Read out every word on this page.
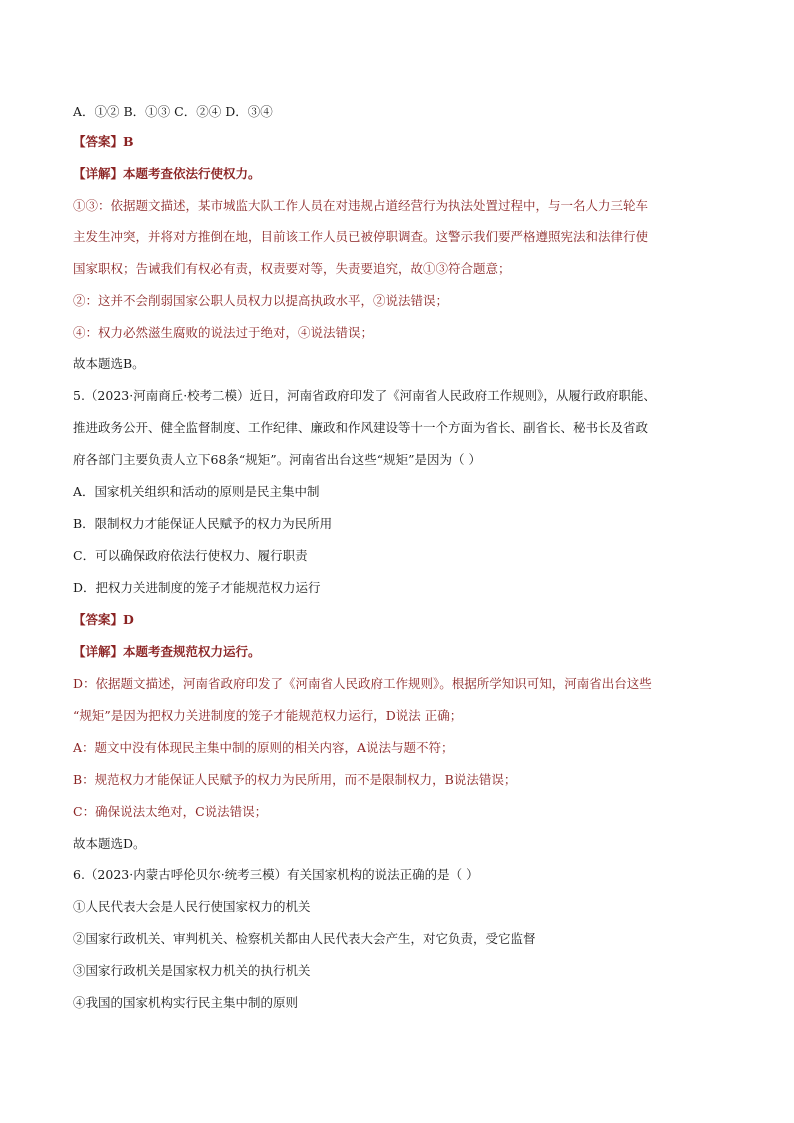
A．①② B．①③ C．②④ D．③④
【答案】B
【详解】本题考查依法行使权力。
①③：依据题文描述，某市城监大队工作人员在对违规占道经营行为执法处置过程中，与一名人力三轮车
主发生冲突，并将对方推倒在地，目前该工作人员已被停职调查。这警示我们要严格遵照宪法和法律行使
国家职权；告诫我们有权必有责，权责要对等，失责要追究，故①③符合题意；
②：这并不会削弱国家公职人员权力以提高执政水平，②说法错误；
④：权力必然滋生腐败的说法过于绝对，④说法错误；
故本题选B。
5.（2023·河南商丘·校考二模）近日，河南省政府印发了《河南省人民政府工作规则》，从履行政府职能、
推进政务公开、健全监督制度、工作纪律、廉政和作风建设等十一个方面为省长、副省长、秘书长及省政
府各部门主要负责人立下68条“规矩”。河南省出台这些“规矩”是因为（ ）
A．国家机关组织和活动的原则是民主集中制
B．限制权力才能保证人民赋予的权力为民所用
C．可以确保政府依法行使权力、履行职责
D．把权力关进制度的笼子才能规范权力运行
【答案】D
【详解】本题考查规范权力运行。
D：依据题文描述，河南省政府印发了《河南省人民政府工作规则》。根据所学知识可知，河南省出台这些
“规矩”是因为把权力关进制度的笼子才能规范权力运行，D说法 正确；
A：题文中没有体现民主集中制的原则的相关内容，A说法与题不符；
B：规范权力才能保证人民赋予的权力为民所用，而不是限制权力，B说法错误；
C：确保说法太绝对，C说法错误；
故本题选D。
6.（2023·内蒙古呼伦贝尔·统考三模）有关国家机构的说法正确的是（ ）
①人民代表大会是人民行使国家权力的机关
②国家行政机关、审判机关、检察机关都由人民代表大会产生，对它负责，受它监督
③国家行政机关是国家权力机关的执行机关
④我国的国家机构实行民主集中制的原则
